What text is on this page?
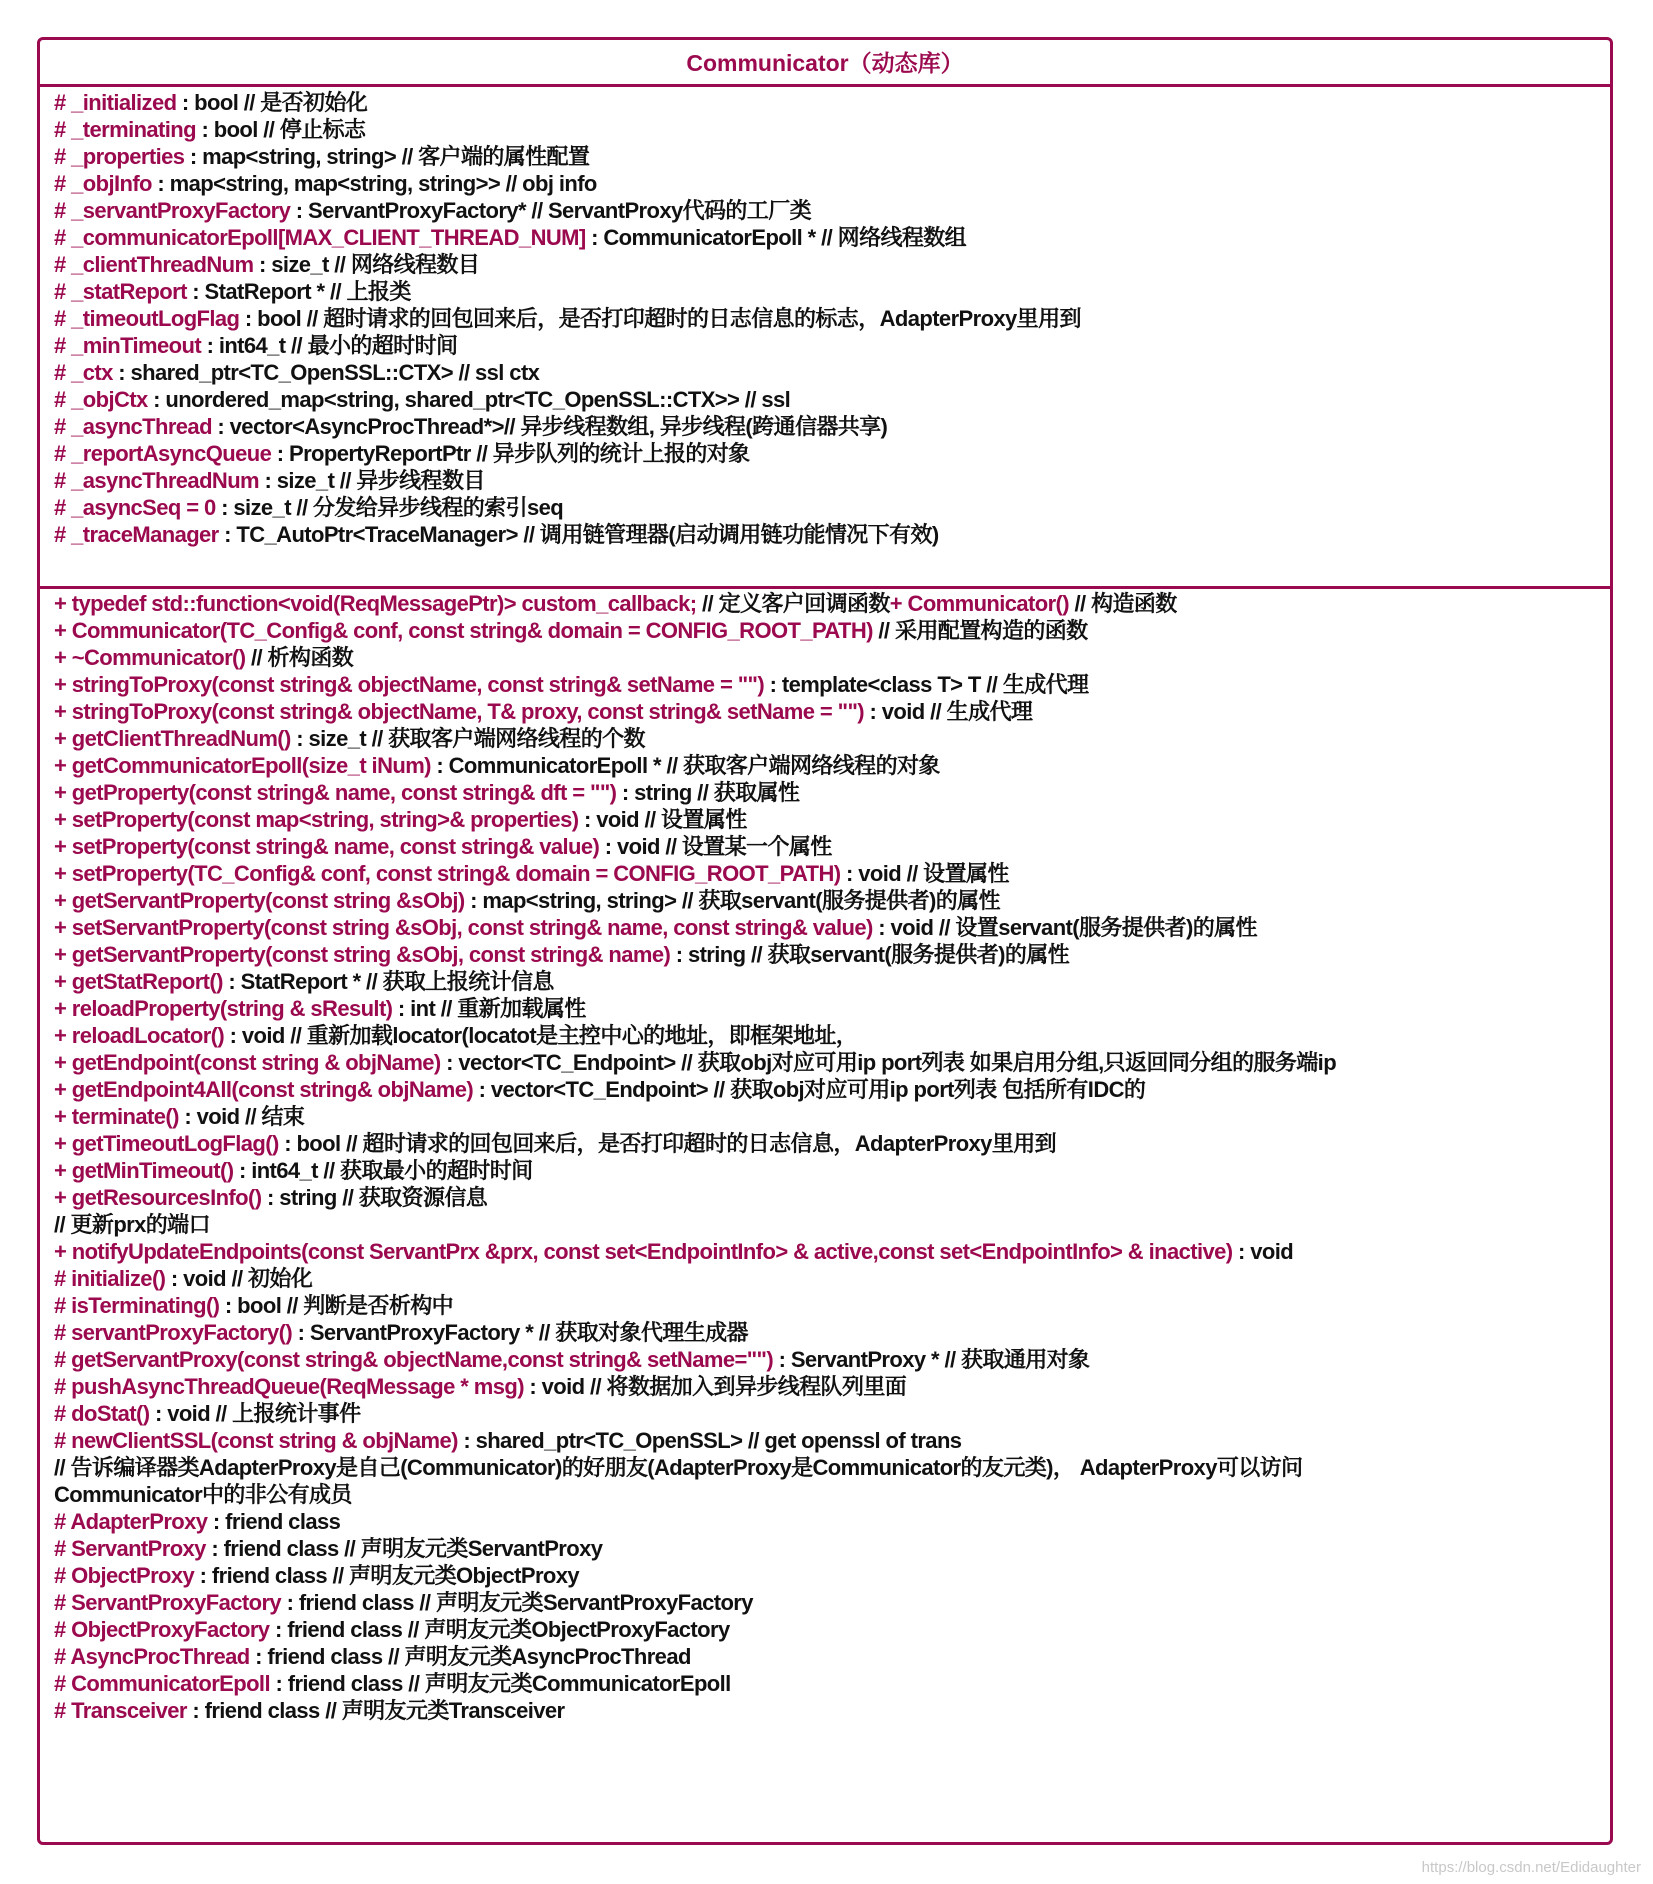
Communicator（动态库）
# _initialized : bool // 是否初始化
# _terminating : bool // 停止标志
# _properties : map<string, string> // 客户端的属性配置
# _objInfo : map<string, map<string, string>> // obj info
# _servantProxyFactory : ServantProxyFactory* // ServantProxy代码的工厂类
# _communicatorEpoll[MAX_CLIENT_THREAD_NUM] : CommunicatorEpoll * // 网络线程数组
# _clientThreadNum : size_t // 网络线程数目
# _statReport : StatReport * // 上报类
# _timeoutLogFlag : bool // 超时请求的回包回来后，是否打印超时的日志信息的标志，AdapterProxy里用到
# _minTimeout : int64_t // 最小的超时时间
# _ctx : shared_ptr<TC_OpenSSL::CTX> // ssl ctx
# _objCtx : unordered_map<string, shared_ptr<TC_OpenSSL::CTX>> // ssl
# _asyncThread : vector<AsyncProcThread*>// 异步线程数组, 异步线程(跨通信器共享)
# _reportAsyncQueue : PropertyReportPtr // 异步队列的统计上报的对象
# _asyncThreadNum : size_t // 异步线程数目
# _asyncSeq = 0 : size_t // 分发给异步线程的索引seq
# _traceManager : TC_AutoPtr<TraceManager> // 调用链管理器(启动调用链功能情况下有效)
+ typedef std::function<void(ReqMessagePtr)> custom_callback; // 定义客户回调函数+ Communicator() // 构造函数
+ Communicator(TC_Config& conf, const string& domain = CONFIG_ROOT_PATH) // 采用配置构造的函数
+ ~Communicator() // 析构函数
+ stringToProxy(const string& objectName, const string& setName = "") : template<class T> T // 生成代理
+ stringToProxy(const string& objectName, T& proxy, const string& setName = "") : void // 生成代理
+ getClientThreadNum() : size_t // 获取客户端网络线程的个数
+ getCommunicatorEpoll(size_t iNum) : CommunicatorEpoll * // 获取客户端网络线程的对象
+ getProperty(const string& name, const string& dft = "") : string // 获取属性
+ setProperty(const map<string, string>& properties) : void // 设置属性
+ setProperty(const string& name, const string& value) : void // 设置某一个属性
+ setProperty(TC_Config& conf, const string& domain = CONFIG_ROOT_PATH) : void // 设置属性
+ getServantProperty(const string &sObj) : map<string, string> // 获取servant(服务提供者)的属性
+ setServantProperty(const string &sObj, const string& name, const string& value) : void // 设置servant(服务提供者)的属性
+ getServantProperty(const string &sObj, const string& name) : string // 获取servant(服务提供者)的属性
+ getStatReport() : StatReport * // 获取上报统计信息
+ reloadProperty(string & sResult) : int // 重新加载属性
+ reloadLocator() : void // 重新加载locator(locatot是主控中心的地址，即框架地址，
+ getEndpoint(const string & objName) : vector<TC_Endpoint> // 获取obj对应可用ip port列表 如果启用分组,只返回同分组的服务端ip
+ getEndpoint4All(const string& objName) : vector<TC_Endpoint> // 获取obj对应可用ip port列表 包括所有IDC的
+ terminate() : void // 结束
+ getTimeoutLogFlag() : bool // 超时请求的回包回来后，是否打印超时的日志信息，AdapterProxy里用到
+ getMinTimeout() : int64_t // 获取最小的超时时间
+ getResourcesInfo() : string // 获取资源信息
// 更新prx的端口
+ notifyUpdateEndpoints(const ServantPrx &prx, const set<EndpointInfo> & active,const set<EndpointInfo> & inactive) : void
# initialize() : void // 初始化
# isTerminating() : bool // 判断是否析构中
# servantProxyFactory() : ServantProxyFactory * // 获取对象代理生成器
# getServantProxy(const string& objectName,const string& setName="") : ServantProxy * // 获取通用对象
# pushAsyncThreadQueue(ReqMessage * msg) : void // 将数据加入到异步线程队列里面
# doStat() : void // 上报统计事件
# newClientSSL(const string & objName) : shared_ptr<TC_OpenSSL> // get openssl of trans
// 告诉编译器类AdapterProxy是自己(Communicator)的好朋友(AdapterProxy是Communicator的友元类)， AdapterProxy可以访问
Communicator中的非公有成员
# AdapterProxy : friend class
# ServantProxy : friend class // 声明友元类ServantProxy
# ObjectProxy : friend class // 声明友元类ObjectProxy
# ServantProxyFactory : friend class // 声明友元类ServantProxyFactory
# ObjectProxyFactory : friend class // 声明友元类ObjectProxyFactory
# AsyncProcThread : friend class // 声明友元类AsyncProcThread
# CommunicatorEpoll : friend class // 声明友元类CommunicatorEpoll
# Transceiver : friend class // 声明友元类Transceiver
https://blog.csdn.net/Edidaughter
